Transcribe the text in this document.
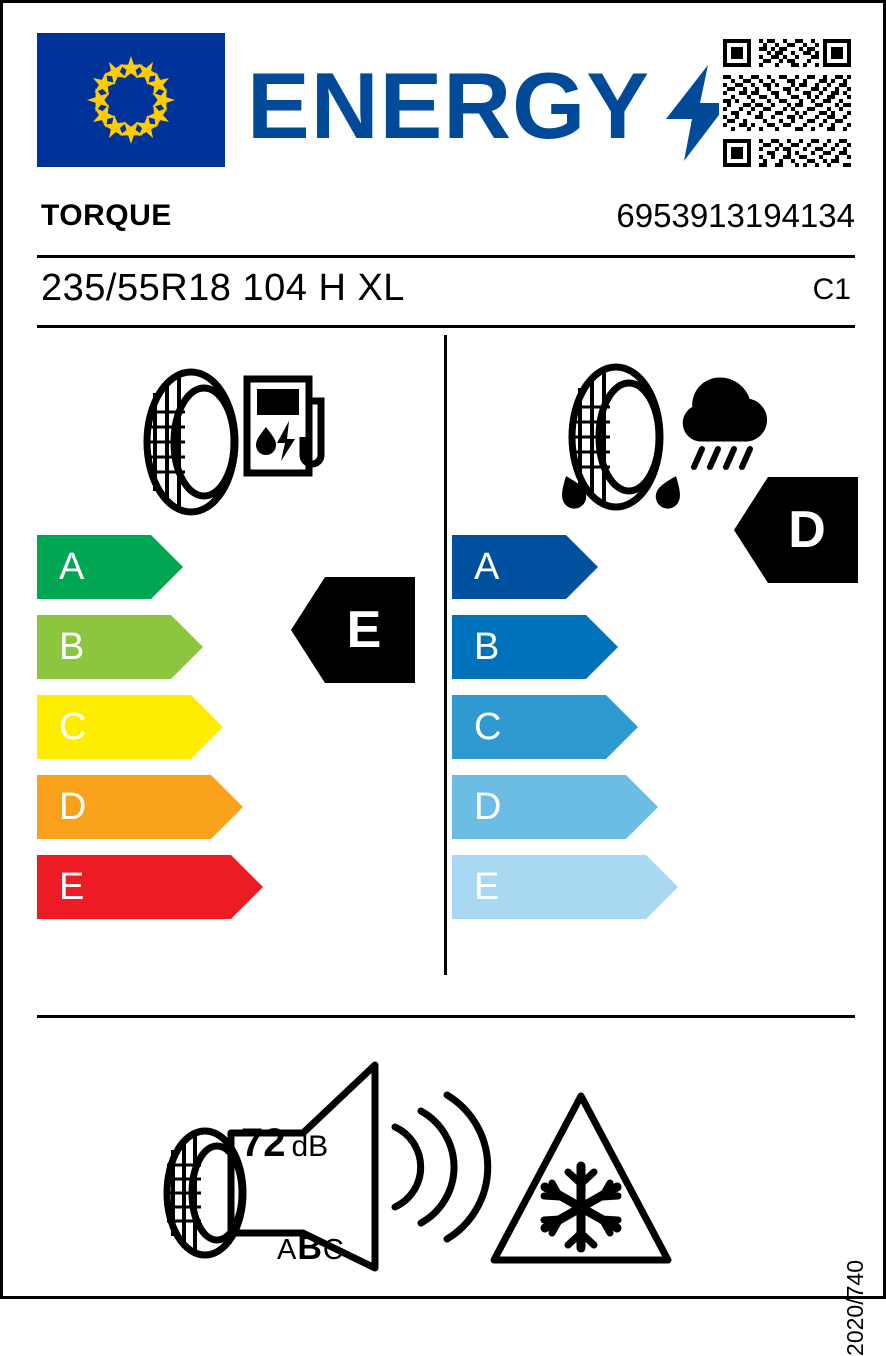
ENERGY
TORQUE	6953913194134
235/55R18 104 H XL	C1
A
B
C
D
E
E
A
B
C
D
E
D
72 dB
ABC
2020/740
